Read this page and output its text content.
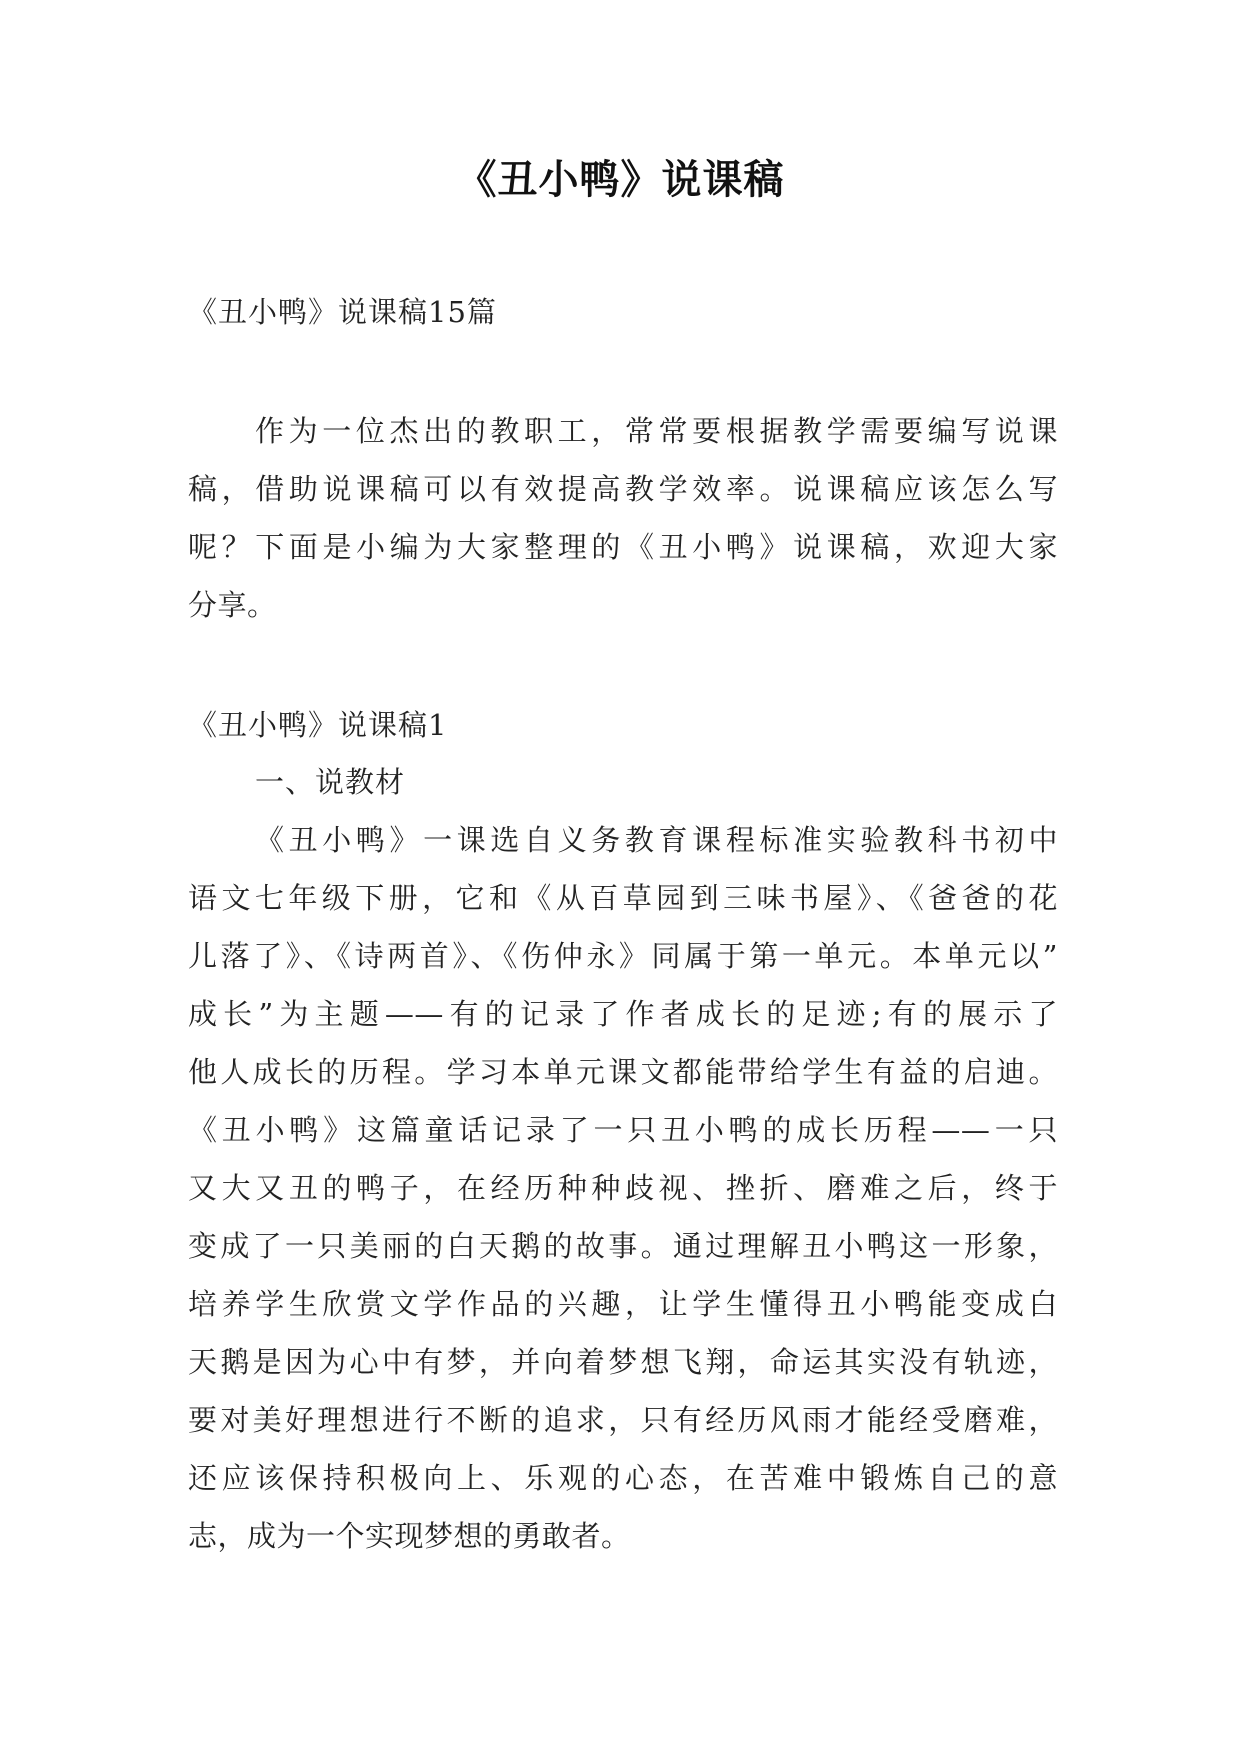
《丑小鸭》说课稿
《丑小鸭》说课稿15篇
作为一位杰出的教职工，常常要根据教学需要编写说课
稿，借助说课稿可以有效提高教学效率。说课稿应该怎么写
呢？下面是小编为大家整理的《丑小鸭》说课稿，欢迎大家
分享。
《丑小鸭》说课稿1
一、说教材
《丑小鸭》一课选自义务教育课程标准实验教科书初中
语文七年级下册，它和《从百草园到三味书屋》、《爸爸的花
儿落了》、《诗两首》、《伤仲永》同属于第一单元。本单元以”
成长”为主题——有的记录了作者成长的足迹;有的展示了
他人成长的历程。学习本单元课文都能带给学生有益的启迪。
《丑小鸭》这篇童话记录了一只丑小鸭的成长历程——一只
又大又丑的鸭子，在经历种种歧视、挫折、磨难之后，终于
变成了一只美丽的白天鹅的故事。通过理解丑小鸭这一形象，
培养学生欣赏文学作品的兴趣，让学生懂得丑小鸭能变成白
天鹅是因为心中有梦，并向着梦想飞翔，命运其实没有轨迹，
要对美好理想进行不断的追求，只有经历风雨才能经受磨难，
还应该保持积极向上、乐观的心态，在苦难中锻炼自己的意
志，成为一个实现梦想的勇敢者。
